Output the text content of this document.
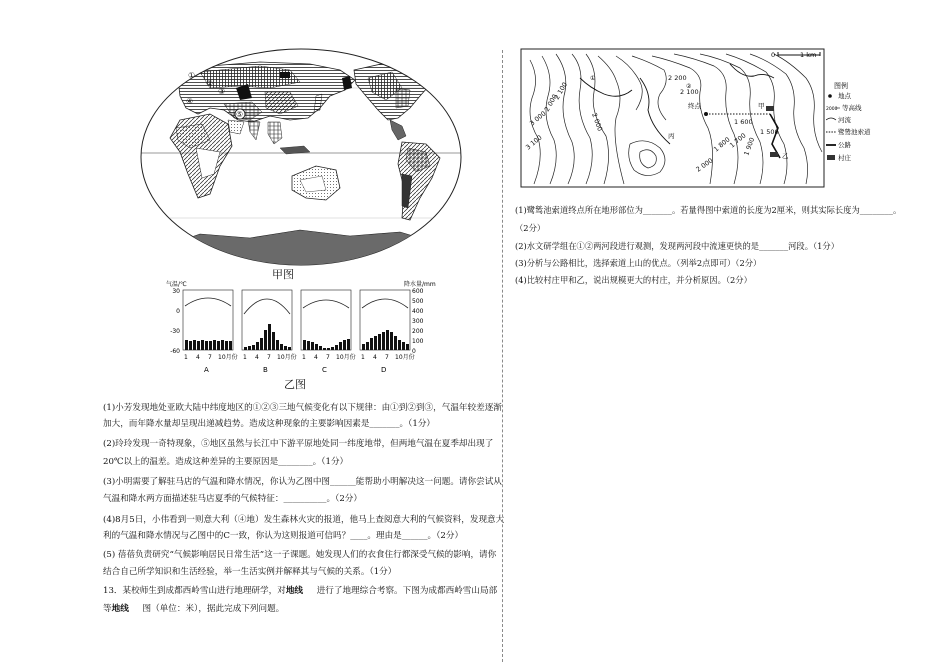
①
②
③
④
⑤
甲图
气温/℃	降水量/mm
30
0
-30
-60
600
500
400
300
200
100
0
1 4 7 10月份
A
1 4 7 10月份
B
1 4 7 10月份
C
1 4 7 10月份
D
乙图
(1)小芳发现地处亚欧大陆中纬度地区的①②③三地气候变化有以下规律：由①到②到③，气温年较差逐渐
加大，而年降水量却呈现出递减趋势。造成这种现象的主要影响因素是_______。（1分）
(2)玲玲发现一奇特现象，⑤地区虽然与长江中下游平原地处同一纬度地带，但两地气温在夏季却出现了
20℃以上的温差。造成这种差异的主要原因是________。（1分）
(3)小明需要了解驻马店的气温和降水情况，你认为乙图中图______能帮助小明解决这一问题。请你尝试从
气温和降水两方面描述驻马店夏季的气候特征：__________。（2分）
(4)8月5日，小伟看到一则意大利（④地）发生森林火灾的报道，他马上查阅意大利的气候资料，发现意大
利的气温和降水情况与乙图中的C一致，你认为这则报道可信吗？____。理由是______。（2分）
(5) 蓓蓓负责研究“气候影响居民日常生活”这一子课题。她发现人们的衣食住行都深受气候的影响，请你
结合自己所学知识和生活经验，举一生活实例并解释其与气候的关系。（1分）
13．某校师生到成都西岭雪山进行地理研学，对地线 进行了地理综合考察。下图为成都西岭雪山局部
等地线 图（单位：米），据此完成下列问题。
0	1 km
2 200
2 100
2 100
2 000
2 000
3 000
3 100
1 600
1 500
1 900
1 700
1 800
2 000
终点	甲
乙
丙
①
②	图例
地点
2000 等高线
河流
鹭鸶池索道
公路
村庄
(1)鹭鸶池索道终点所在地形部位为_______。若量得图中索道的长度为2厘米，则其实际长度为________。
（2分）
(2)水文研学组在①②两河段进行观测，发现两河段中流速更快的是_______河段。（1分）
(3)分析与公路相比，选择索道上山的优点。（列举2点即可）（2分）
(4)比较村庄甲和乙，说出规模更大的村庄，并分析原因。（2分）
